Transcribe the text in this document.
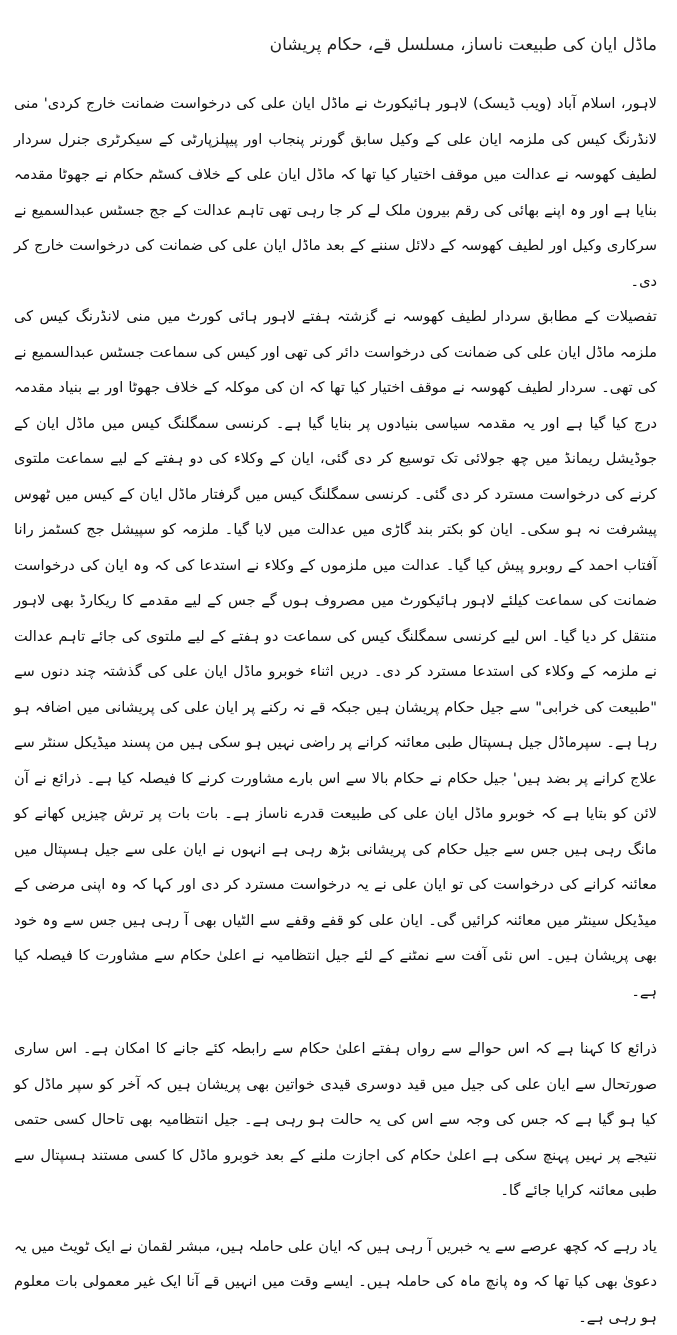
ماڈل ایان کی طبیعت ناساز، مسلسل قے، حکام پریشان

لاہور، اسلام آباد (ویب ڈیسک) لاہور ہائیکورٹ نے ماڈل ایان علی کی درخواست ضمانت خارج کردی' منی لانڈرنگ کیس کی ملزمہ ایان علی کے وکیل سابق گورنر پنجاب اور پیپلزپارٹی کے سیکرٹری جنرل سردار لطیف کھوسہ نے عدالت میں موقف اختیار کیا تھا کہ ماڈل ایان علی کے خلاف کسٹم حکام نے جھوٹا مقدمہ بنایا ہے اور وہ اپنے بھائی کی رقم بیرون ملک لے کر جا رہی تھی تاہم عدالت کے جج جسٹس عبدالسمیع نے سرکاری وکیل اور لطیف کھوسہ کے دلائل سننے کے بعد ماڈل ایان علی کی ضمانت کی درخواست خارج کر دی۔

تفصیلات کے مطابق سردار لطیف کھوسہ نے گزشتہ ہفتے لاہور ہائی کورٹ میں منی لانڈرنگ کیس کی ملزمہ ماڈل ایان علی کی ضمانت کی درخواست دائر کی تھی اور کیس کی سماعت جسٹس عبدالسمیع نے کی تھی۔ سردار لطیف کھوسہ نے موقف اختیار کیا تھا کہ ان کی موکلہ کے خلاف جھوٹا اور بے بنیاد مقدمہ درج کیا گیا ہے اور یہ مقدمہ سیاسی بنیادوں پر بنایا گیا ہے۔ کرنسی سمگلنگ کیس میں ماڈل ایان کے جوڈیشل ریمانڈ میں چھ جولائی تک توسیع کر دی گئی، ایان کے وکلاء کی دو ہفتے کے لیے سماعت ملتوی کرنے کی درخواست مسترد کر دی گئی۔ کرنسی سمگلنگ کیس میں گرفتار ماڈل ایان کے کیس میں ٹھوس پیشرفت نہ ہو سکی۔ ایان کو بکتر بند گاڑی میں عدالت میں لایا گیا۔ ملزمہ کو سپیشل جج کسٹمز رانا آفتاب احمد کے روبرو پیش کیا گیا۔ عدالت میں ملزموں کے وکلاء نے استدعا کی کہ وہ ایان کی درخواست ضمانت کی سماعت کیلئے لاہور ہائیکورٹ میں مصروف ہوں گے جس کے لیے مقدمے کا ریکارڈ بھی لاہور منتقل کر دیا گیا۔ اس لیے کرنسی سمگلنگ کیس کی سماعت دو ہفتے کے لیے ملتوی کی جائے تاہم عدالت نے ملزمہ کے وکلاء کی استدعا مسترد کر دی۔ دریں اثناء خوبرو ماڈل ایان علی کی گذشتہ چند دنوں سے "طبیعت کی خرابی" سے جیل حکام پریشان ہیں جبکہ قے نہ رکنے پر ایان علی کی پریشانی میں اضافہ ہو رہا ہے۔ سپرماڈل جیل ہسپتال طبی معائنہ کرانے پر راضی نہیں ہو سکی ہیں من پسند میڈیکل سنٹر سے علاج کرانے پر بضد ہیں' جیل حکام نے حکام بالا سے اس بارے مشاورت کرنے کا فیصلہ کیا ہے۔ ذرائع نے آن لائن کو بتایا ہے کہ خوبرو ماڈل ایان علی کی طبیعت قدرے ناساز ہے۔ بات بات پر ترش چیزیں کھانے کو مانگ رہی ہیں جس سے جیل حکام کی پریشانی بڑھ رہی ہے انہوں نے ایان علی سے جیل ہسپتال میں معائنہ کرانے کی درخواست کی تو ایان علی نے یہ درخواست مسترد کر دی اور کہا کہ وہ اپنی مرضی کے میڈیکل سینٹر میں معائنہ کرائیں گی۔ ایان علی کو قفے وقفے سے الٹیاں بھی آ رہی ہیں جس سے وہ خود بھی پریشان ہیں۔ اس نئی آفت سے نمٹنے کے لئے جیل انتظامیہ نے اعلیٰ حکام سے مشاورت کا فیصلہ کیا ہے۔

ذرائع کا کہنا ہے کہ اس حوالے سے رواں ہفتے اعلیٰ حکام سے رابطہ کئے جانے کا امکان ہے۔ اس ساری صورتحال سے ایان علی کی جیل میں قید دوسری قیدی خواتین بھی پریشان ہیں کہ آخر کو سپر ماڈل کو کیا ہو گیا ہے کہ جس کی وجہ سے اس کی یہ حالت ہو رہی ہے۔ جیل انتظامیہ بھی تاحال کسی حتمی نتیجے پر نہیں پہنچ سکی ہے اعلیٰ حکام کی اجازت ملنے کے بعد خوبرو ماڈل کا کسی مستند ہسپتال سے طبی معائنہ کرایا جائے گا۔

یاد رہے کہ کچھ عرصے سے یہ خبریں آ رہی ہیں کہ ایان علی حاملہ ہیں، مبشر لقمان نے ایک ٹویٹ میں یہ دعویٰ بھی کیا تھا کہ وہ پانچ ماہ کی حاملہ ہیں۔ ایسے وقت میں انہیں قے آنا ایک غیر معمولی بات معلوم ہو رہی ہے۔
